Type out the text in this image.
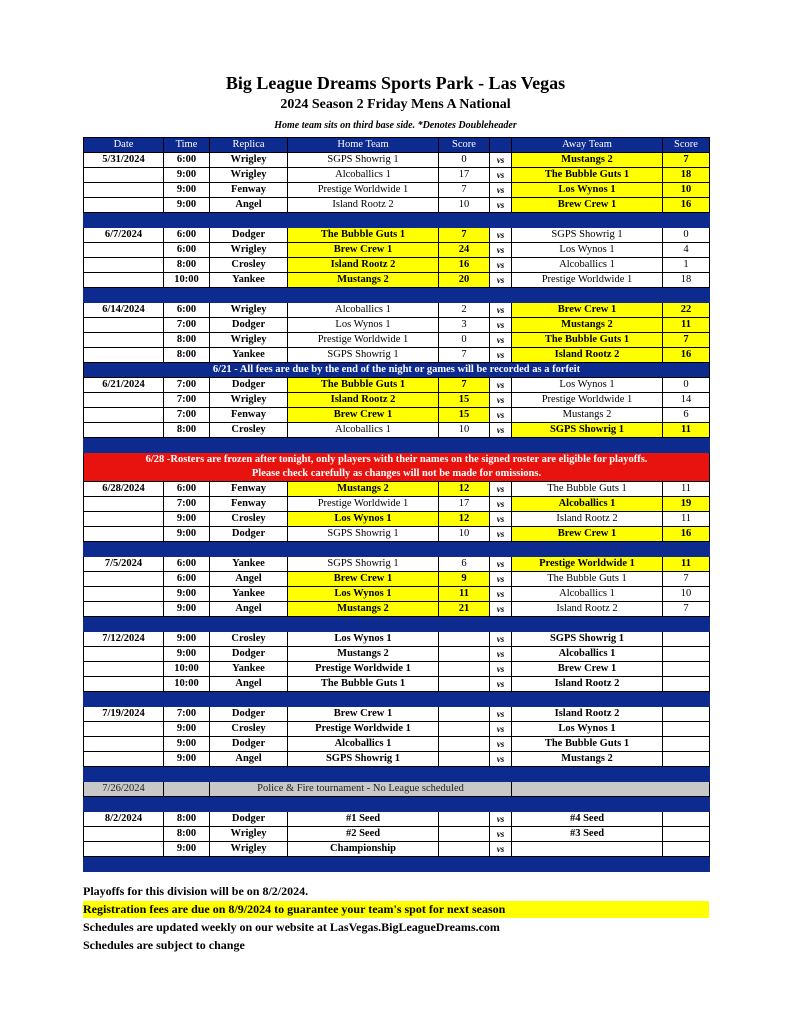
Big League Dreams Sports Park - Las Vegas
2024 Season 2 Friday Mens A National
Home team sits on third base side. *Denotes Doubleheader
Date	Time	Replica	Home Team	Score		Away Team	Score
5/31/2024	6:00	Wrigley	SGPS Showrig 1	0	vs	Mustangs 2	7
	9:00	Wrigley	Alcoballics 1	17	vs	The Bubble Guts 1	18
	9:00	Fenway	Prestige Worldwide 1	7	vs	Los Wynos 1	10
	9:00	Angel	Island Rootz 2	10	vs	Brew Crew 1	16

6/7/2024	6:00	Dodger	The Bubble Guts 1	7	vs	SGPS Showrig 1	0
	6:00	Wrigley	Brew Crew 1	24	vs	Los Wynos 1	4
	8:00	Crosley	Island Rootz 2	16	vs	Alcoballics 1	1
	10:00	Yankee	Mustangs 2	20	vs	Prestige Worldwide 1	18

6/14/2024	6:00	Wrigley	Alcoballics 1	2	vs	Brew Crew 1	22
	7:00	Dodger	Los Wynos 1	3	vs	Mustangs 2	11
	8:00	Wrigley	Prestige Worldwide 1	0	vs	The Bubble Guts 1	7
	8:00	Yankee	SGPS Showrig 1	7	vs	Island Rootz 2	16
6/21 - All fees are due by the end of the night or games will be recorded as a forfeit							
6/21/2024	7:00	Dodger	The Bubble Guts 1	7	vs	Los Wynos 1	0
	7:00	Wrigley	Island Rootz 2	15	vs	Prestige Worldwide 1	14
	7:00	Fenway	Brew Crew 1	15	vs	Mustangs 2	6
	8:00	Crosley	Alcoballics 1	10	vs	SGPS Showrig 1	11

6/28 -Rosters are frozen after tonight, only players with their names on the signed roster are eligible for playoffs.
Please check carefully as changes will not be made for omissions.							

6/28/2024	6:00	Fenway	Mustangs 2	12	vs	The Bubble Guts 1	11
	7:00	Fenway	Prestige Worldwide 1	17	vs	Alcoballics 1	19
	9:00	Crosley	Los Wynos 1	12	vs	Island Rootz 2	11
	9:00	Dodger	SGPS Showrig 1	10	vs	Brew Crew 1	16

7/5/2024	6:00	Yankee	SGPS Showrig 1	6	vs	Prestige Worldwide 1	11
	6:00	Angel	Brew Crew 1	9	vs	The Bubble Guts 1	7
	9:00	Yankee	Los Wynos 1	11	vs	Alcoballics 1	10
	9:00	Angel	Mustangs 2	21	vs	Island Rootz 2	7

7/12/2024	9:00	Crosley	Los Wynos 1		vs	SGPS Showrig 1	
	9:00	Dodger	Mustangs 2		vs	Alcoballics 1	
	10:00	Yankee	Prestige Worldwide 1		vs	Brew Crew 1	
	10:00	Angel	The Bubble Guts 1		vs	Island Rootz 2	

7/19/2024	7:00	Dodger	Brew Crew 1		vs	Island Rootz 2	
	9:00	Crosley	Prestige Worldwide 1		vs	Los Wynos 1	
	9:00	Dodger	Alcoballics 1		vs	The Bubble Guts 1	
	9:00	Angel	SGPS Showrig 1		vs	Mustangs 2	

7/26/2024		Police & Fire tournament - No League scheduled					

8/2/2024	8:00	Dodger	#1 Seed		vs	#4 Seed	
	8:00	Wrigley	#2 Seed		vs	#3 Seed	
	9:00	Wrigley	Championship		vs		

Playoffs for this division will be on 8/2/2024.
Registration fees are due on 8/9/2024 to guarantee your team's spot for next season
Schedules are updated weekly on our website at LasVegas.BigLeagueDreams.com
Schedules are subject to change
